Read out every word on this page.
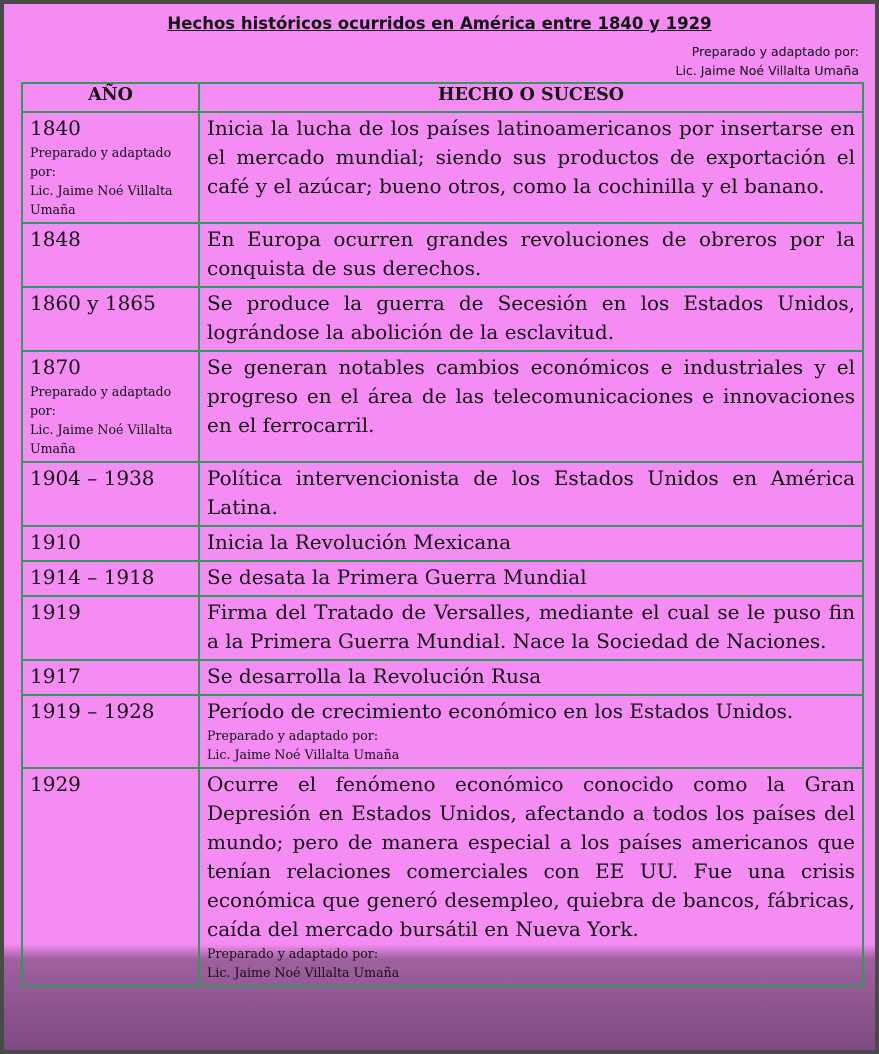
Hechos históricos ocurridos en América entre 1840 y 1929
Preparado y adaptado por:
Lic. Jaime Noé Villalta Umaña
AÑO	HECHO O SUCESO

1840
Preparado y adaptado por:
Lic. Jaime Noé Villalta Umaña	Inicia la lucha de los países latinoamericanos por insertarse en el mercado mundial; siendo sus productos de exportación el café y el azúcar; bueno otros, como la cochinilla y el banano.

1848	En Europa ocurren grandes revoluciones de obreros por la conquista de sus derechos.

1860 y 1865	Se produce la guerra de Secesión en los Estados Unidos, lográndose la abolición de la esclavitud.

1870
Preparado y adaptado por:
Lic. Jaime Noé Villalta Umaña	Se generan notables cambios económicos e industriales y el progreso en el área de las telecomunicaciones e innovaciones en el ferrocarril.

1904 – 1938	Política intervencionista de los Estados Unidos en América Latina.

1910	Inicia la Revolución Mexicana

1914 – 1918	Se desata la Primera Guerra Mundial

1919	Firma del Tratado de Versalles, mediante el cual se le puso fin a la Primera Guerra Mundial. Nace la Sociedad de Naciones.

1917	Se desarrolla la Revolución Rusa

1919 – 1928	Período de crecimiento económico en los Estados Unidos.
Preparado y adaptado por:
Lic. Jaime Noé Villalta Umaña

1929	Ocurre el fenómeno económico conocido como la Gran Depresión en Estados Unidos, afectando a todos los países del mundo; pero de manera especial a los países americanos que tenían relaciones comerciales con EE UU. Fue una crisis económica que generó desempleo, quiebra de bancos, fábricas, caída del mercado bursátil en Nueva York.
Preparado y adaptado por:
Lic. Jaime Noé Villalta Umaña
